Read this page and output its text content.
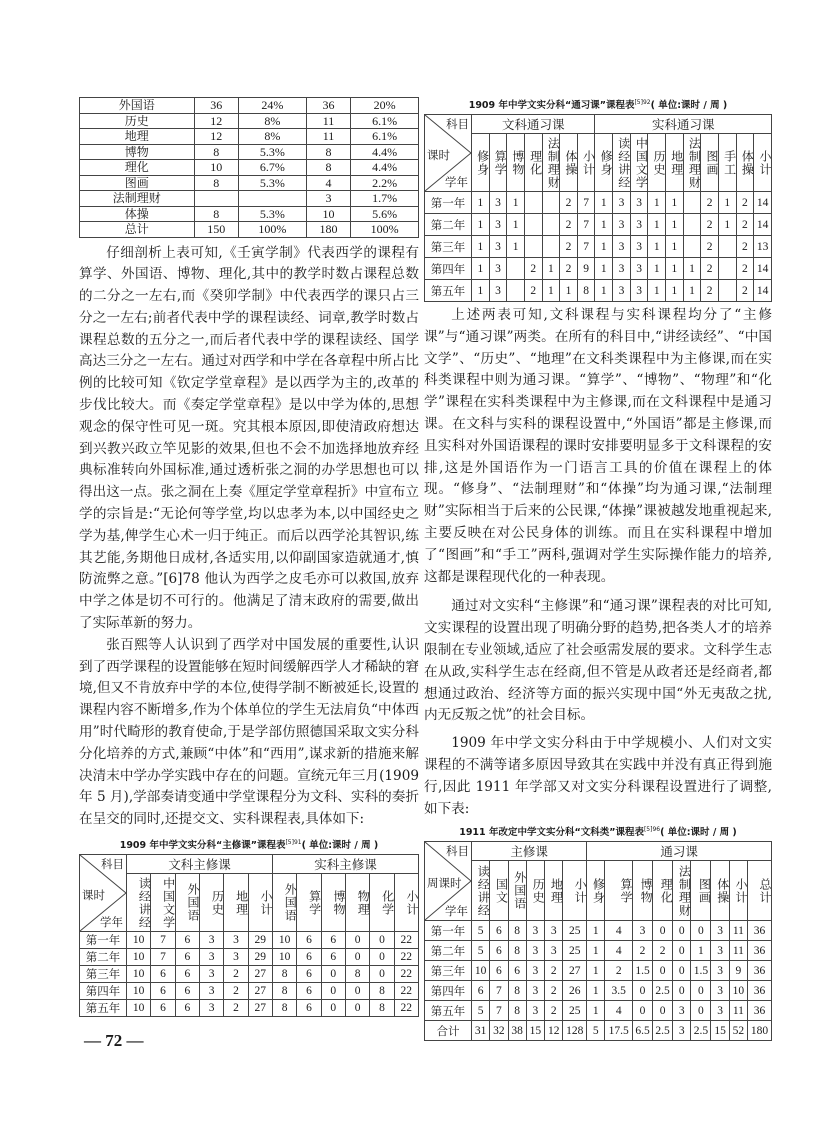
外国语	36	24%	36	20%
历史	12	8%	11	6.1%
地理	12	8%	11	6.1%
博物	8	5.3%	8	4.4%
理化	10	6.7%	8	4.4%
图画	8	5.3%	4	2.2%
法制理财			3	1.7%
体操	8	5.3%	10	5.6%
总计	150	100%	180	100%

仔细剖析上表可知,《壬寅学制》代表西学的课程有算学、外国语、博物、理化,其中的教学时数占课程总数的二分之一左右,而《癸卯学制》中代表西学的课只占三分之一左右;前者代表中学的课程读经、词章,教学时数占课程总数的五分之一,而后者代表中学的课程读经、国学高达三分之一左右。通过对西学和中学在各章程中所占比例的比较可知《钦定学堂章程》是以西学为主的,改革的步伐比较大。而《奏定学堂章程》是以中学为体的,思想观念的保守性可见一斑。究其根本原因,即使清政府想达到兴教兴政立竿见影的效果,但也不会不加选择地放弃经典标准转向外国标准,通过透析张之洞的办学思想也可以得出这一点。张之洞在上奏《厘定学堂章程折》中宣布立学的宗旨是:“无论何等学堂,均以忠孝为本,以中国经史之学为基,俾学生心术一归于纯正。而后以西学沦其智识,练其艺能,务期他日成材,各适实用,以仰副国家造就通才,慎防流弊之意。”[6]78 他认为西学之皮毛亦可以救国,放弃中学之体是切不可行的。他满足了清末政府的需要,做出了实际革新的努力。

张百熙等人认识到了西学对中国发展的重要性,认识到了西学课程的设置能够在短时间缓解西学人才稀缺的窘境,但又不肯放弃中学的本位,使得学制不断被延长,设置的课程内容不断增多,作为个体单位的学生无法肩负“中体西用”时代畸形的教育使命,于是学部仿照德国采取文实分科分化培养的方式,兼顾“中体”和“西用”,谋求新的措施来解决清末中学办学实践中存在的问题。宣统元年三月(1909 年 5 月),学部奏请变通中学堂课程分为文科、实科的奏折在呈交的同时,还提交文、实科课程表,具体如下:

1909 年中学文实分科“主修课”课程表$^{[5]91}$( 单位:课时 / 周 )
科目
课时
学年	文科主修课						实科主修课					
	读经讲经	中国文学	外国语	历史	地理	小计	外国语	算学	博物	物理	化学	小计
第一年	10	7	6	3	3	29	10	6	6	0	0	22
第二年	10	7	6	3	3	29	10	6	6	0	0	22
第三年	10	6	6	3	2	27	8	6	0	8	0	22
第四年	10	6	6	3	2	27	8	6	0	0	8	22
第五年	10	6	6	3	2	27	8	6	0	0	8	22
— 72 —
1909 年中学文实分科“通习课”课程表$^{[5]92}$( 单位:课时 / 周 )
科目
课时
学年	文科通习课							实科通习课									
	修身	算学	博物	理化	法制理财	体操	小计	修身	读经讲经	中国文学	历史	地理	法制理财	图画	手工	体操	小计
第一年	1	3	1			2	7	1	3	3	1	1		2	1	2	14
第二年	1	3	1			2	7	1	3	3	1	1		2	1	2	14
第三年	1	3	1			2	7	1	3	3	1	1		2		2	13
第四年	1	3		2	1	2	9	1	3	3	1	1	1	2		2	14
第五年	1	3		2	1	1	8	1	3	3	1	1	1	2		2	14

上述两表可知,文科课程与实科课程均分了“主修课”与“通习课”两类。在所有的科目中,“讲经读经”、“中国文学”、“历史”、“地理”在文科类课程中为主修课,而在实科类课程中则为通习课。“算学”、“博物”、“物理”和“化学”课程在实科类课程中为主修课,而在文科课程中是通习课。在文科与实科的课程设置中,“外国语”都是主修课,而且实科对外国语课程的课时安排要明显多于文科课程的安排,这是外国语作为一门语言工具的价值在课程上的体现。“修身”、“法制理财”和“体操”均为通习课,“法制理财”实际相当于后来的公民课,“体操”课被越发地重视起来,主要反映在对公民身体的训练。而且在实科课程中增加了“图画”和“手工”两科,强调对学生实际操作能力的培养,这都是课程现代化的一种表现。

通过对文实科“主修课”和“通习课”课程表的对比可知,文实课程的设置出现了明确分野的趋势,把各类人才的培养限制在专业领域,适应了社会亟需发展的要求。文科学生志在从政,实科学生志在经商,但不管是从政者还是经商者,都想通过政治、经济等方面的振兴实现中国“外无夷敌之扰,内无反叛之忧”的社会目标。

1909 年中学文实分科由于中学规模小、人们对文实课程的不满等诸多原因导致其在实践中并没有真正得到施行,因此 1911 年学部又对文实分科课程设置进行了调整,如下表:

1911 年改定中学文实分科“文科类”课程表$^{[5]96}$( 单位:课时 / 周 )
科目
周课时
学年	主修课						通习课								
	读经讲经	国文	外国语	历史	地理	小计	修身	算学	博物	理化	法制理财	图画	体操	小计	总计
第一年	5	6	8	3	3	25	1	4	3	0	0	0	3	11	36
第二年	5	6	8	3	3	25	1	4	2	2	0	1	3	11	36
第三年	10	6	6	3	2	27	1	2	1.5	0	0	1.5	3	9	36
第四年	6	7	8	3	2	26	1	3.5	0	2.5	0	0	3	10	36
第五年	5	7	8	3	2	25	1	4	0	0	3	0	3	11	36
合计	31	32	38	15	12	128	5	17.5	6.5	2.5	3	2.5	15	52	180
